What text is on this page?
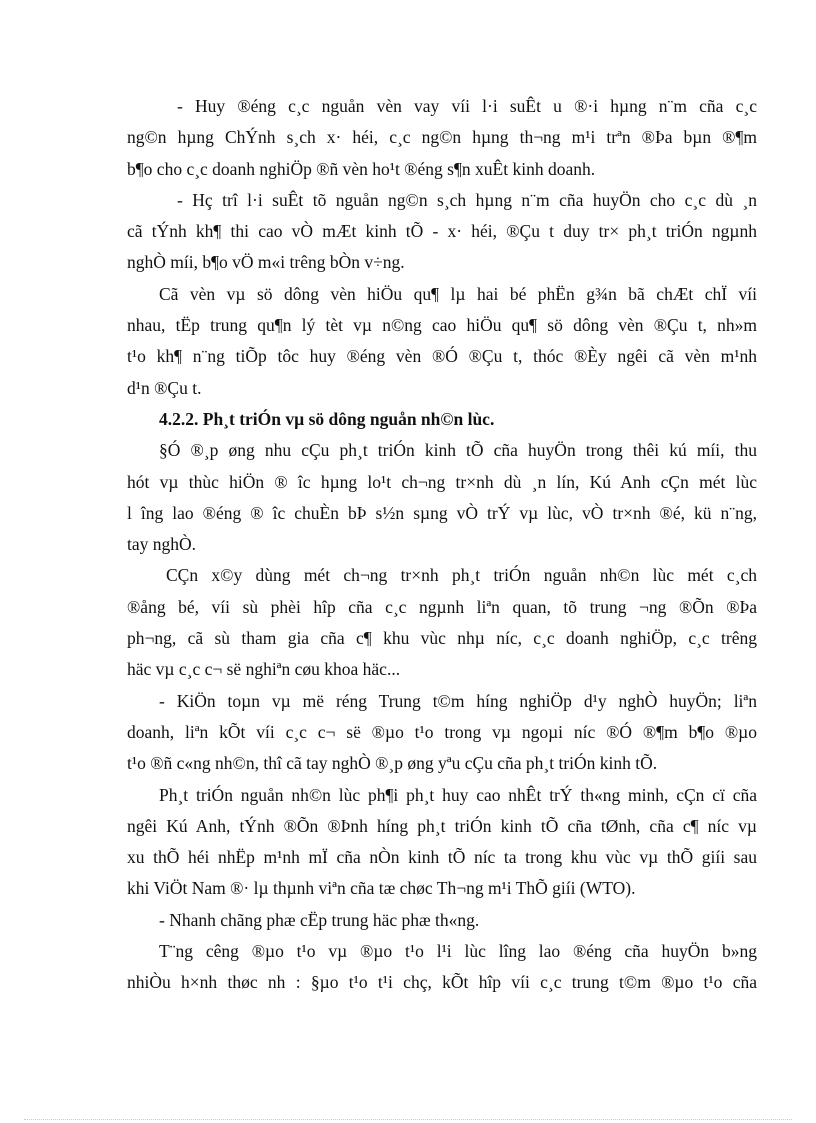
- Huy ®éng c¸c nguån vèn vay víi l·i suÊt u ®·i hµng n¨m cña c¸c
ng©n hµng ChÝnh s¸ch x· héi, c¸c ng©n hµng th¬ng m¹i trªn ®Þa bµn ®¶m
b¶o cho c¸c doanh nghiÖp ®ñ vèn ho¹t ®éng s¶n xuÊt kinh doanh.
- Hç trî l·i suÊt tõ nguån ng©n s¸ch hµng n¨m cña huyÖn cho c¸c dù ¸n
cã tÝnh kh¶ thi cao vÒ mÆt kinh tÕ - x· héi, ®Çu t duy tr× ph¸t triÓn ngµnh
nghÒ míi, b¶o vÖ m«i trêng bÒn v÷ng.
Cã vèn vµ sö dông vèn hiÖu qu¶ lµ hai bé phËn g¾n bã chÆt chÏ víi
nhau, tËp trung qu¶n lý tèt vµ n©ng cao hiÖu qu¶ sö dông vèn ®Çu t, nh»m
t¹o kh¶ n¨ng tiÕp tôc huy ®éng vèn ®Ó ®Çu t, thóc ®Èy ngêi cã vèn m¹nh
d¹n ®Çu t.
4.2.2. Ph¸t triÓn vµ sö dông nguån nh©n lùc.
§Ó ®¸p øng nhu cÇu ph¸t triÓn kinh tÕ cña huyÖn trong thêi kú míi, thu
hót vµ thùc hiÖn ® îc hµng lo¹t ch¬ng tr×nh dù ¸n lín, Kú Anh cÇn mét lùc
l îng lao ®éng ® îc chuÈn bÞ s½n sµng vÒ trÝ vµ lùc, vÒ tr×nh ®é, kü n¨ng,
tay nghÒ.
CÇn x©y dùng mét ch¬ng tr×nh ph¸t triÓn nguån nh©n lùc mét c¸ch
®ång bé, víi sù phèi hîp cña c¸c ngµnh liªn quan, tõ trung ¬ng ®Õn ®Þa
ph¬ng, cã sù tham gia cña c¶ khu vùc nhµ níc, c¸c doanh nghiÖp, c¸c trêng
häc vµ c¸c c¬ së nghiªn cøu khoa häc...
- KiÖn toµn vµ më réng Trung t©m híng nghiÖp d¹y nghÒ huyÖn; liªn
doanh, liªn kÕt víi c¸c c¬ së ®µo t¹o trong vµ ngoµi níc ®Ó ®¶m b¶o ®µo
t¹o ®ñ c«ng nh©n, thî cã tay nghÒ ®¸p øng yªu cÇu cña ph¸t triÓn kinh tÕ.
Ph¸t triÓn nguån nh©n lùc ph¶i ph¸t huy cao nhÊt trÝ th«ng minh, cÇn cï cña
ngêi Kú Anh, tÝnh ®Õn ®Þnh híng ph¸t triÓn kinh tÕ cña tØnh, cña c¶ níc vµ
xu thÕ héi nhËp m¹nh mÏ cña nÒn kinh tÕ níc ta trong khu vùc vµ thÕ giíi sau
khi ViÖt Nam ®· lµ thµnh viªn cña tæ chøc Th¬ng m¹i ThÕ giíi (WTO).
- Nhanh chãng phæ cËp trung häc phæ th«ng.
T¨ng cêng ®µo t¹o vµ ®µo t¹o l¹i lùc lîng lao ®éng cña huyÖn b»ng
nhiÒu h×nh thøc nh : §µo t¹o t¹i chç, kÕt hîp víi c¸c trung t©m ®µo t¹o cña
